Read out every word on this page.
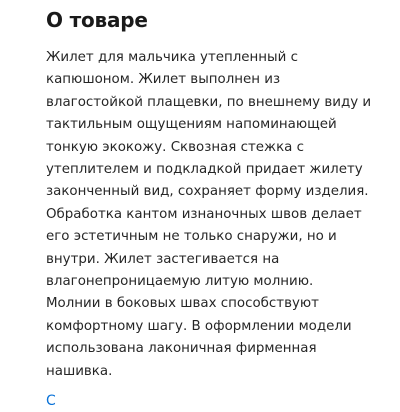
О товаре
Жилет для мальчика утепленный с
капюшоном. Жилет выполнен из
влагостойкой плащевки, по внешнему виду и
тактильным ощущениям напоминающей
тонкую экокожу. Сквозная стежка с
утеплителем и подкладкой придает жилету
законченный вид, сохраняет форму изделия.
Обработка кантом изнаночных швов делает
его эстетичным не только снаружи, но и
внутри. Жилет застегивается на
влагонепроницаемую литую молнию.
Молнии в боковых швах способствуют
комфортному шагу. В оформлении модели
использована лаконичная фирменная
нашивка.
С
